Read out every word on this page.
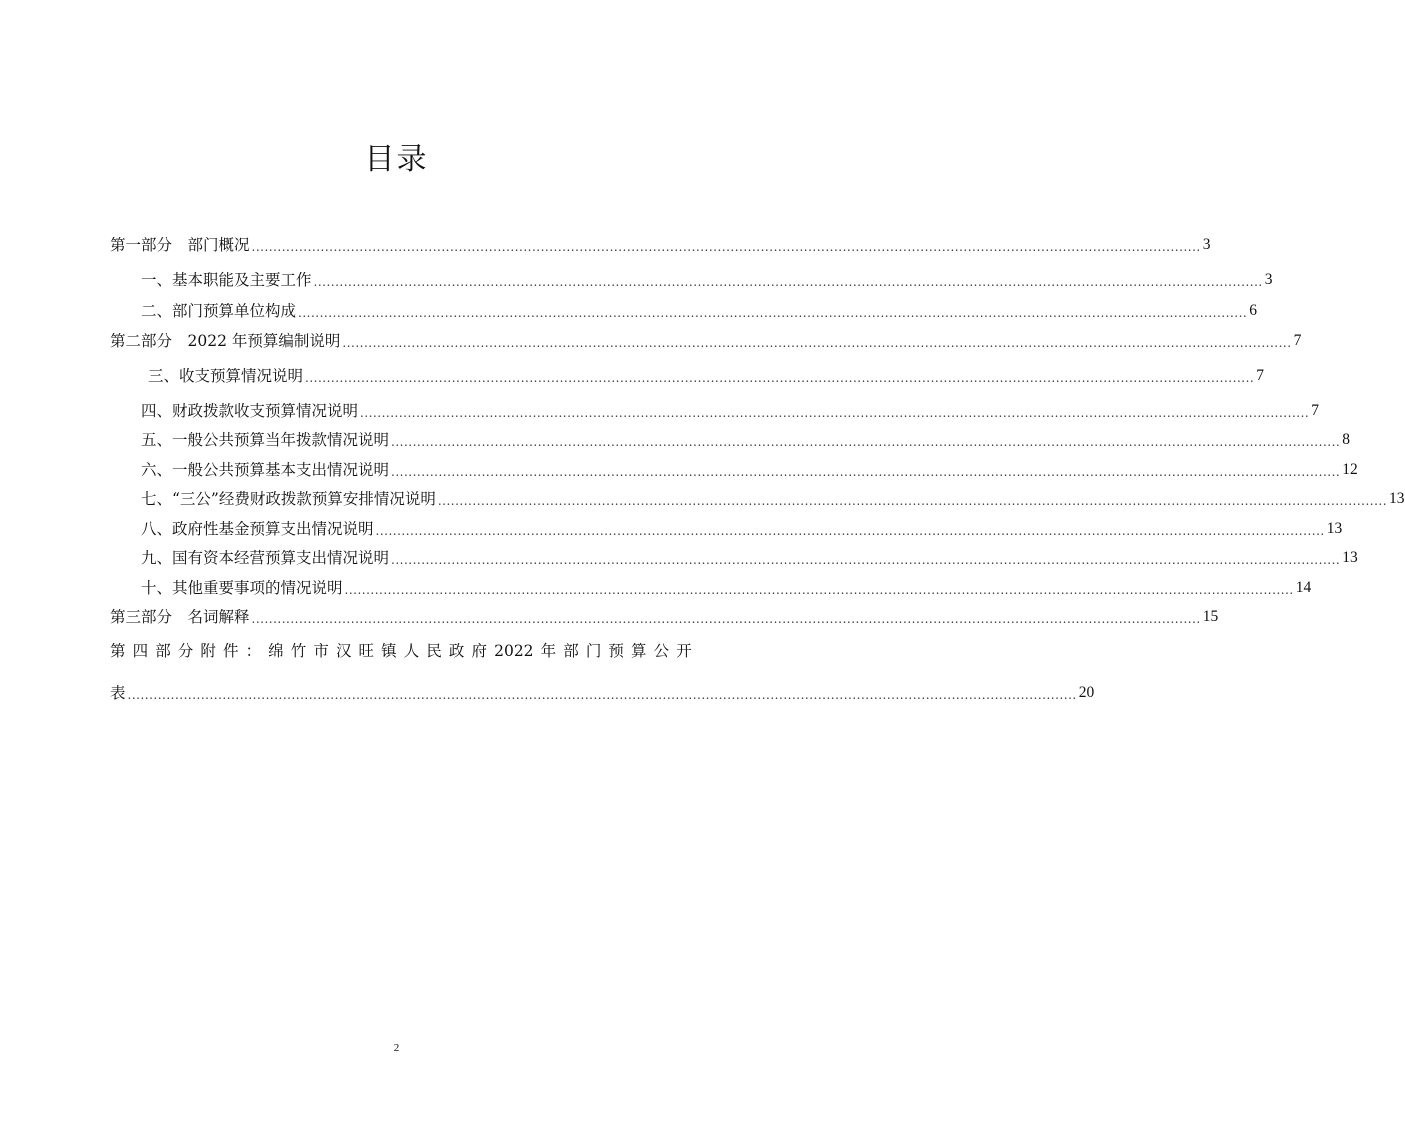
目录
第一部分　部门概况 ............................................................................................................................................................................................................................ 3
一、基本职能及主要工作 ............................................................................................................................................................................................................................ 3
二、部门预算单位构成 ............................................................................................................................................................................................................................ 6
第二部分　2022 年预算编制说明 ............................................................................................................................................................................................................................ 7
三、收支预算情况说明 ............................................................................................................................................................................................................................ 7
四、财政拨款收支预算情况说明 ............................................................................................................................................................................................................................ 7
五、一般公共预算当年拨款情况说明 ............................................................................................................................................................................................................................ 8
六、一般公共预算基本支出情况说明 ............................................................................................................................................................................................................................ 12
七、“三公”经费财政拨款预算安排情况说明 ............................................................................................................................................................................................................................ 13
八、政府性基金预算支出情况说明 ............................................................................................................................................................................................................................ 13
九、国有资本经营预算支出情况说明 ............................................................................................................................................................................................................................ 13
十、其他重要事项的情况说明 ............................................................................................................................................................................................................................ 14
第三部分　名词解释 ............................................................................................................................................................................................................................ 15
第 四 部 分 附 件 ： 绵 竹 市 汉 旺 镇 人 民 政 府 2022 年 部 门 预 算 公 开
表 ............................................................................................................................................................................................................................ 20
2
